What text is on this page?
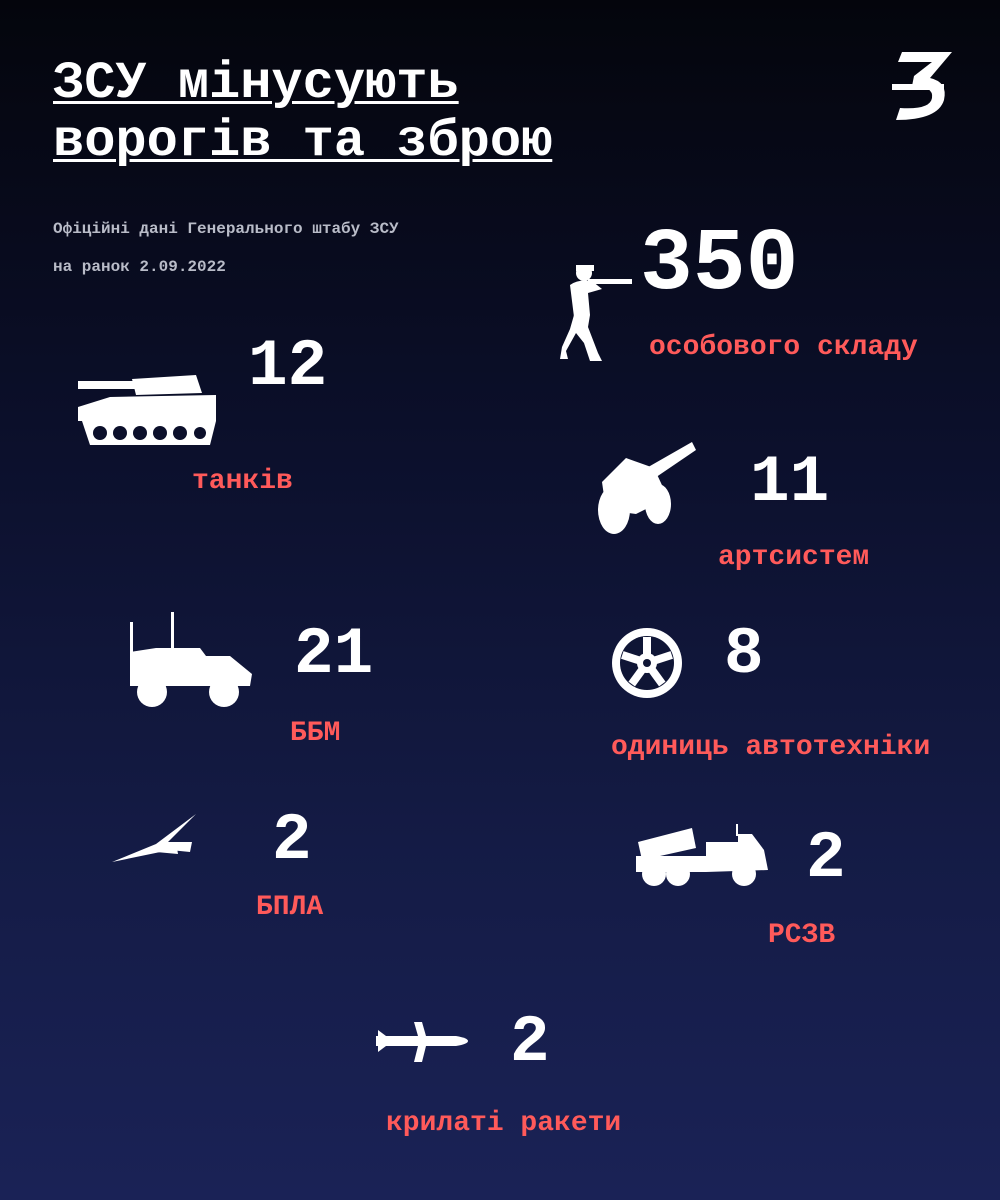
ЗСУ мінусують
ворогів та зброю
Офіційні дані Генерального штабу ЗСУ
на ранок 2.09.2022	350
особового складу
12
танків	11
артсистем
21
ББМ
8
одиниць автотехніки
2
БПЛА
2
РСЗВ
2
крилаті ракети
